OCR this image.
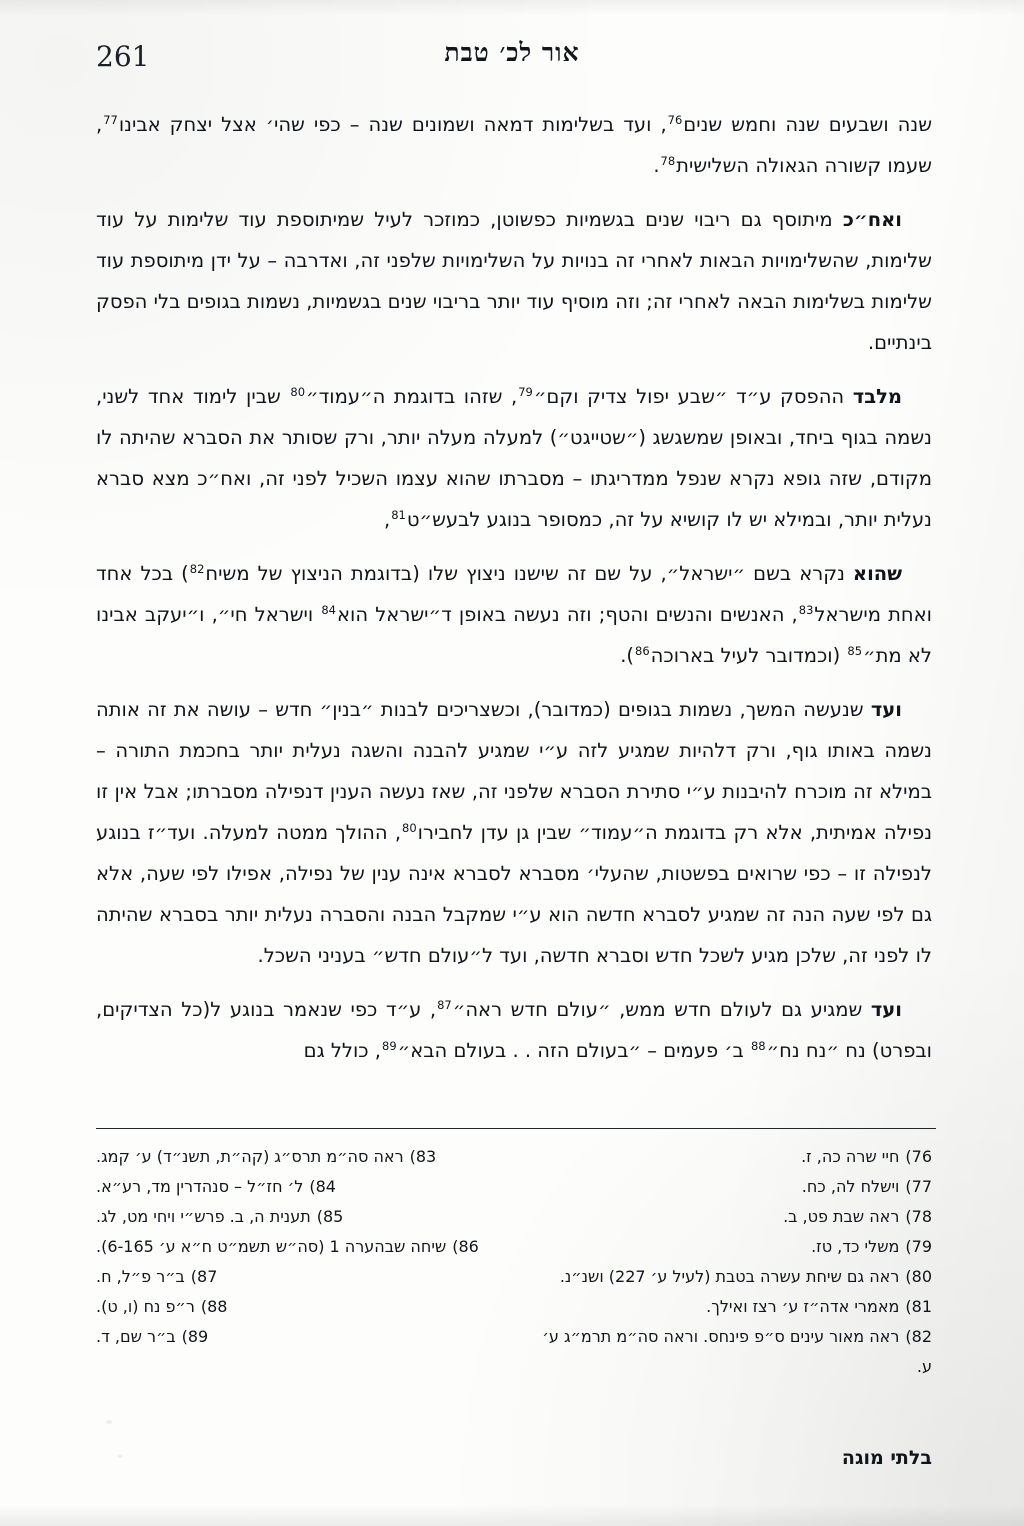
261	אור לכ׳ טבת

שנה ושבעים שנה וחמש שנים$^{76}$, ועד בשלימות דמאה ושמונים שנה – כפי שהי׳ אצל יצחק אבינו$^{77}$, שעמו קשורה הגאולה השלישית$^{78}$.

ואח״כ מיתוסף גם ריבוי שנים בגשמיות כפשוטן, כמוזכר לעיל שמיתוספת עוד שלימות על עוד שלימות, שהשלימויות הבאות לאחרי זה בנויות על השלימויות שלפני זה, ואדרבה – על ידן מיתוספת עוד שלימות בשלימות הבאה לאחרי זה; וזה מוסיף עוד יותר בריבוי שנים בגשמיות, נשמות בגופים בלי הפסק בינתיים.

מלבד ההפסק ע״ד ״שבע יפול צדיק וקם״$^{79}$, שזהו בדוגמת ה״עמוד״$^{80}$ שבין לימוד אחד לשני, נשמה בגוף ביחד, ובאופן שמשגשג (״שטייגט״) למעלה מעלה יותר, ורק שסותר את הסברא שהיתה לו מקודם, שזה גופא נקרא שנפל ממדריגתו – מסברתו שהוא עצמו השכיל לפני זה, ואח״כ מצא סברא נעלית יותר, ובמילא יש לו קושיא על זה, כמסופר בנוגע לבעש״ט$^{81}$,

שהוא נקרא בשם ״ישראל״, על שם זה שישנו ניצוץ שלו (בדוגמת הניצוץ של משיח$^{82}$) בכל אחד ואחת מישראל$^{83}$, האנשים והנשים והטף; וזה נעשה באופן ד״ישראל הוא$^{84}$ וישראל חי״, ו״יעקב אבינו לא מת״$^{85}$ (וכמדובר לעיל בארוכה$^{86}$).

ועד שנעשה המשך, נשמות בגופים (כמדובר), וכשצריכים לבנות ״בנין״ חדש – עושה את זה אותה נשמה באותו גוף, ורק דלהיות שמגיע לזה ע״י שמגיע להבנה והשגה נעלית יותר בחכמת התורה – במילא זה מוכרח להיבנות ע״י סתירת הסברא שלפני זה, שאז נעשה הענין דנפילה מסברתו; אבל אין זו נפילה אמיתית, אלא רק בדוגמת ה״עמוד״ שבין גן עדן לחבירו$^{80}$, ההולך ממטה למעלה. ועד״ז בנוגע לנפילה זו – כפי שרואים בפשטות, שהעלי׳ מסברא לסברא אינה ענין של נפילה, אפילו לפי שעה, אלא גם לפי שעה הנה זה שמגיע לסברא חדשה הוא ע״י שמקבל הבנה והסברה נעלית יותר בסברא שהיתה לו לפני זה, שלכן מגיע לשכל חדש וסברא חדשה, ועד ל״עולם חדש״ בעניני השכל.

ועד שמגיע גם לעולם חדש ממש, ״עולם חדש ראה״$^{87}$, ע״ד כפי שנאמר בנוגע ל(כל הצדיקים, ובפרט) נח ״נח נח״$^{88}$ ב׳ פעמים – ״בעולם הזה . . בעולם הבא״$^{89}$, כולל גם

76)חיי שרה כה, ז.

77)וישלח לה, כח.

78)ראה שבת פט, ב.

79)משלי כד, טז.

80)ראה גם שיחת עשרה בטבת (לעיל ע׳ 227) ושנ״נ.

81)מאמרי אדה״ז ע׳ רצז ואילך.

82)ראה מאור עינים ס״פ פינחס. וראה סה״מ תרמ״ג ע׳ ע.

83)ראה סה״מ תרס״ג (קה״ת, תשנ״ד) ע׳ קמג.

84)ל׳ חז״ל – סנהדרין מד, רע״א.

85)תענית ה, ב. פרש״י ויחי מט, לג.

86)שיחה שבהערה 1 (סה״ש תשמ״ט ח״א ע׳ 6‎-165).

87)ב״ר פ״ל, ח.

88)ר״פ נח (ו, ט).

89)ב״ר שם, ד.

בלתי מוגה
